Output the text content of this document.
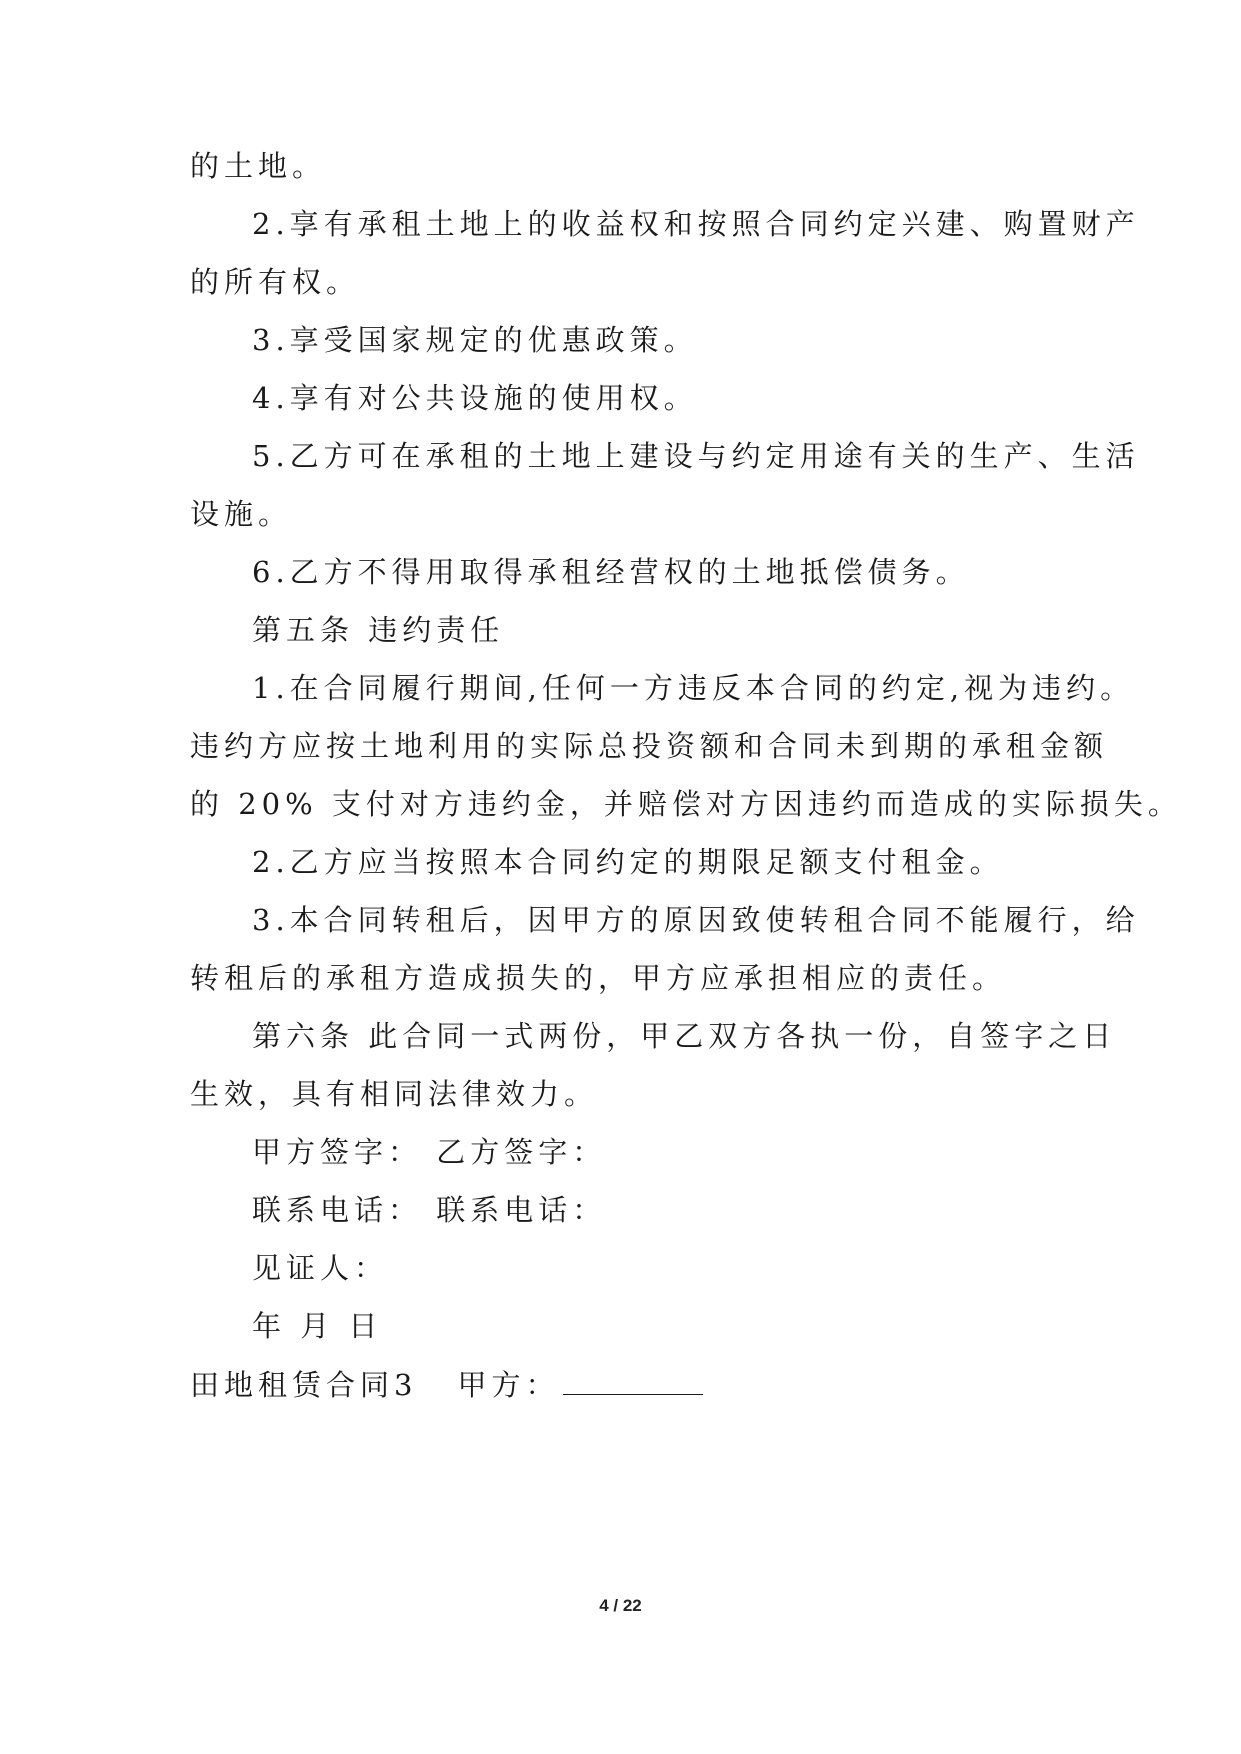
的土地。
2.享有承租土地上的收益权和按照合同约定兴建、购置财产
的所有权。
3.享受国家规定的优惠政策。
4.享有对公共设施的使用权。
5.乙方可在承租的土地上建设与约定用途有关的生产、生活
设施。
6.乙方不得用取得承租经营权的土地抵偿债务。
第五条 违约责任
1.在合同履行期间,任何一方违反本合同的约定,视为违约。
违约方应按土地利用的实际总投资额和合同未到期的承租金额
的 20% 支付对方违约金，并赔偿对方因违约而造成的实际损失。
2.乙方应当按照本合同约定的期限足额支付租金。
3.本合同转租后，因甲方的原因致使转租合同不能履行，给
转租后的承租方造成损失的，甲方应承担相应的责任。
第六条 此合同一式两份，甲乙双方各执一份，自签字之日
生效，具有相同法律效力。
甲方签字： 乙方签字：
联系电话： 联系电话：
见证人：
年 月 日
田地租赁合同3 甲方：
4 / 22
